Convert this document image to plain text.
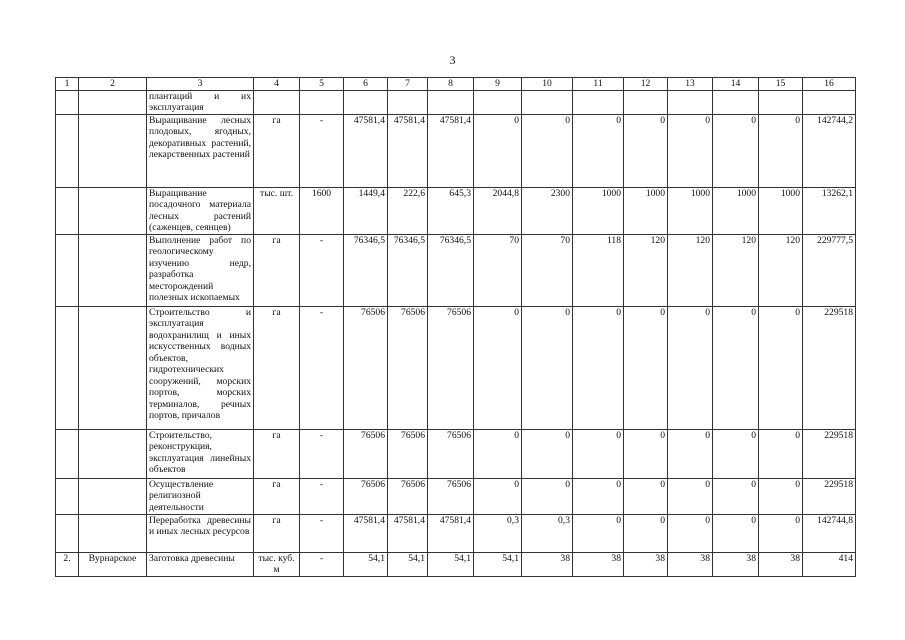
3
1	2	3	4	5	6	7	8	9	10	11	12	13	14	15	16
		плантаций и их эксплуатация													
		Выращивание лесных плодовых, ягодных, декоративных растений, лекарственных растений	га	-	47581,4	47581,4	47581,4	0	0	0	0	0	0	0	142744,2
		Выращивание посадочного материала лесных растений (саженцев, сеянцев)	тыс. шт.	1600	1449,4	222,6	645,3	2044,8	2300	1000	1000	1000	1000	1000	13262,1
		Выполнение работ по геологическому изучению недр, разработка месторождений полезных ископаемых	га	-	76346,5	76346,5	76346,5	70	70	118	120	120	120	120	229777,5
		Строительство и эксплуатация водохранилищ и иных искусственных водных объектов, гидротехнических сооружений, морских портов, морских терминалов, речных портов, причалов	га	-	76506	76506	76506	0	0	0	0	0	0	0	229518
		Строительство, реконструкция, эксплуатация линейных объектов	га	-	76506	76506	76506	0	0	0	0	0	0	0	229518
		Осуществление религиозной деятельности	га	-	76506	76506	76506	0	0	0	0	0	0	0	229518
		Переработка древесины и иных лесных ресурсов	га	-	47581,4	47581,4	47581,4	0,3	0,3	0	0	0	0	0	142744,8
2.	Вурнарское	Заготовка древесины	тыс. куб. м	-	54,1	54,1	54,1	54,1	38	38	38	38	38	38	414
